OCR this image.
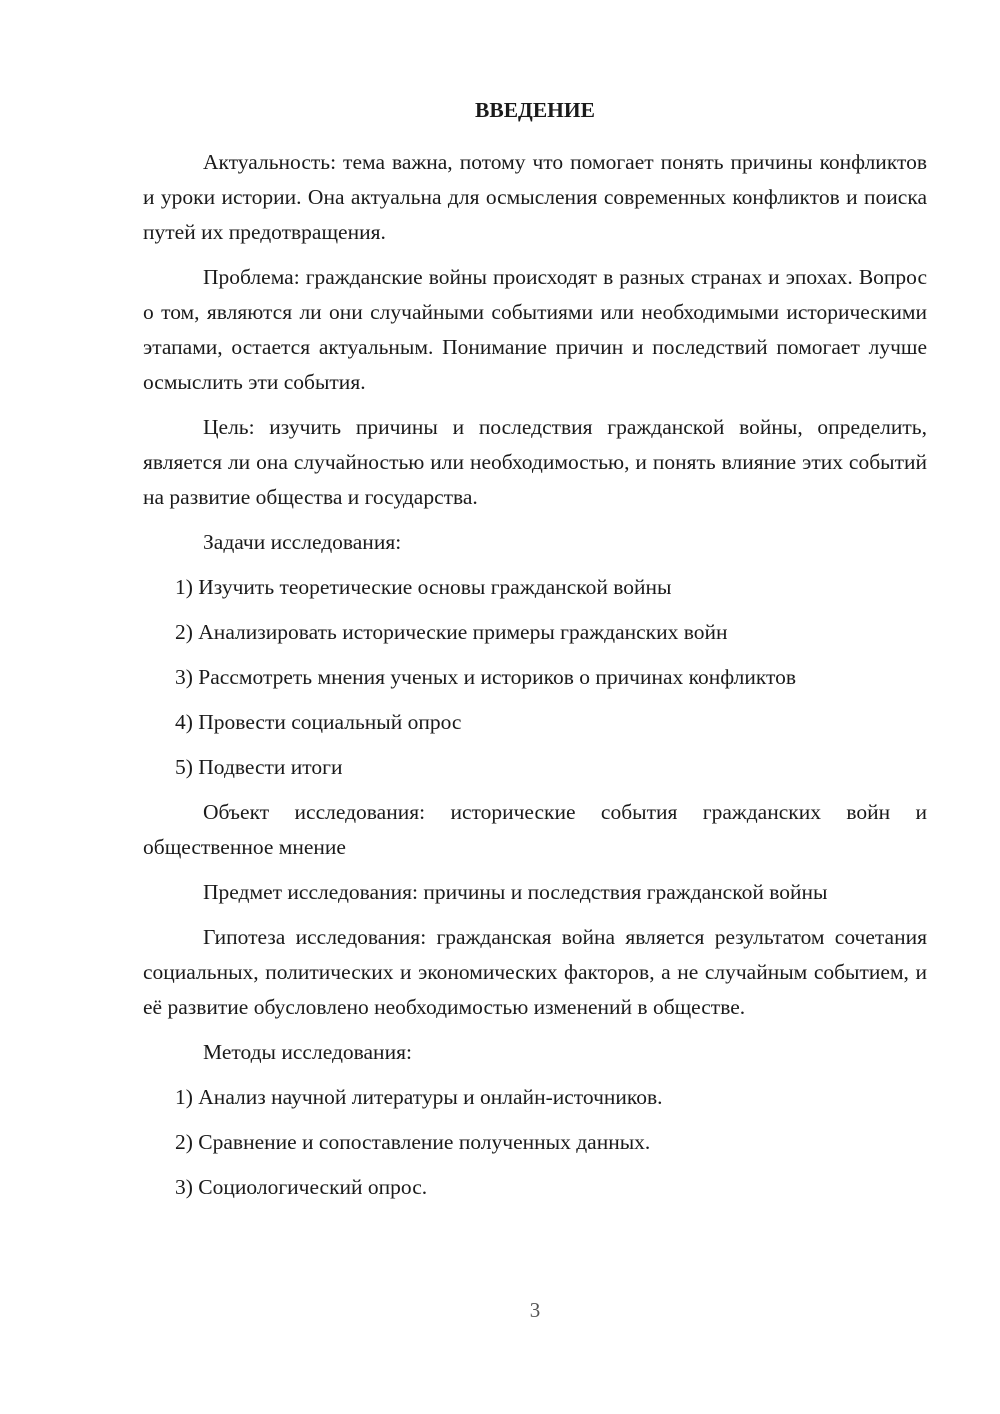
ВВЕДЕНИЕ

Актуальность: тема важна, потому что помогает понять причины конфликтов и уроки истории. Она актуальна для осмысления современных конфликтов и поиска путей их предотвращения.

Проблема: гражданские войны происходят в разных странах и эпохах. Вопрос о том, являются ли они случайными событиями или необходимыми историческими этапами, остается актуальным. Понимание причин и последствий помогает лучше осмыслить эти события.

Цель: изучить причины и последствия гражданской войны, определить, является ли она случайностью или необходимостью, и понять влияние этих событий на развитие общества и государства.

Задачи исследования:
1) Изучить теоретические основы гражданской войны
2) Анализировать исторические примеры гражданских войн
3) Рассмотреть мнения ученых и историков о причинах конфликтов
4) Провести социальный опрос
5) Подвести итоги

Объект исследования: исторические события гражданских войн и общественное мнение

Предмет исследования: причины и последствия гражданской войны

Гипотеза исследования: гражданская война является результатом сочетания социальных, политических и экономических факторов, а не случайным событием, и её развитие обусловлено необходимостью изменений в обществе.

Методы исследования:
1) Анализ научной литературы и онлайн-источников.
2) Сравнение и сопоставление полученных данных.
3) Социологический опрос.
3
